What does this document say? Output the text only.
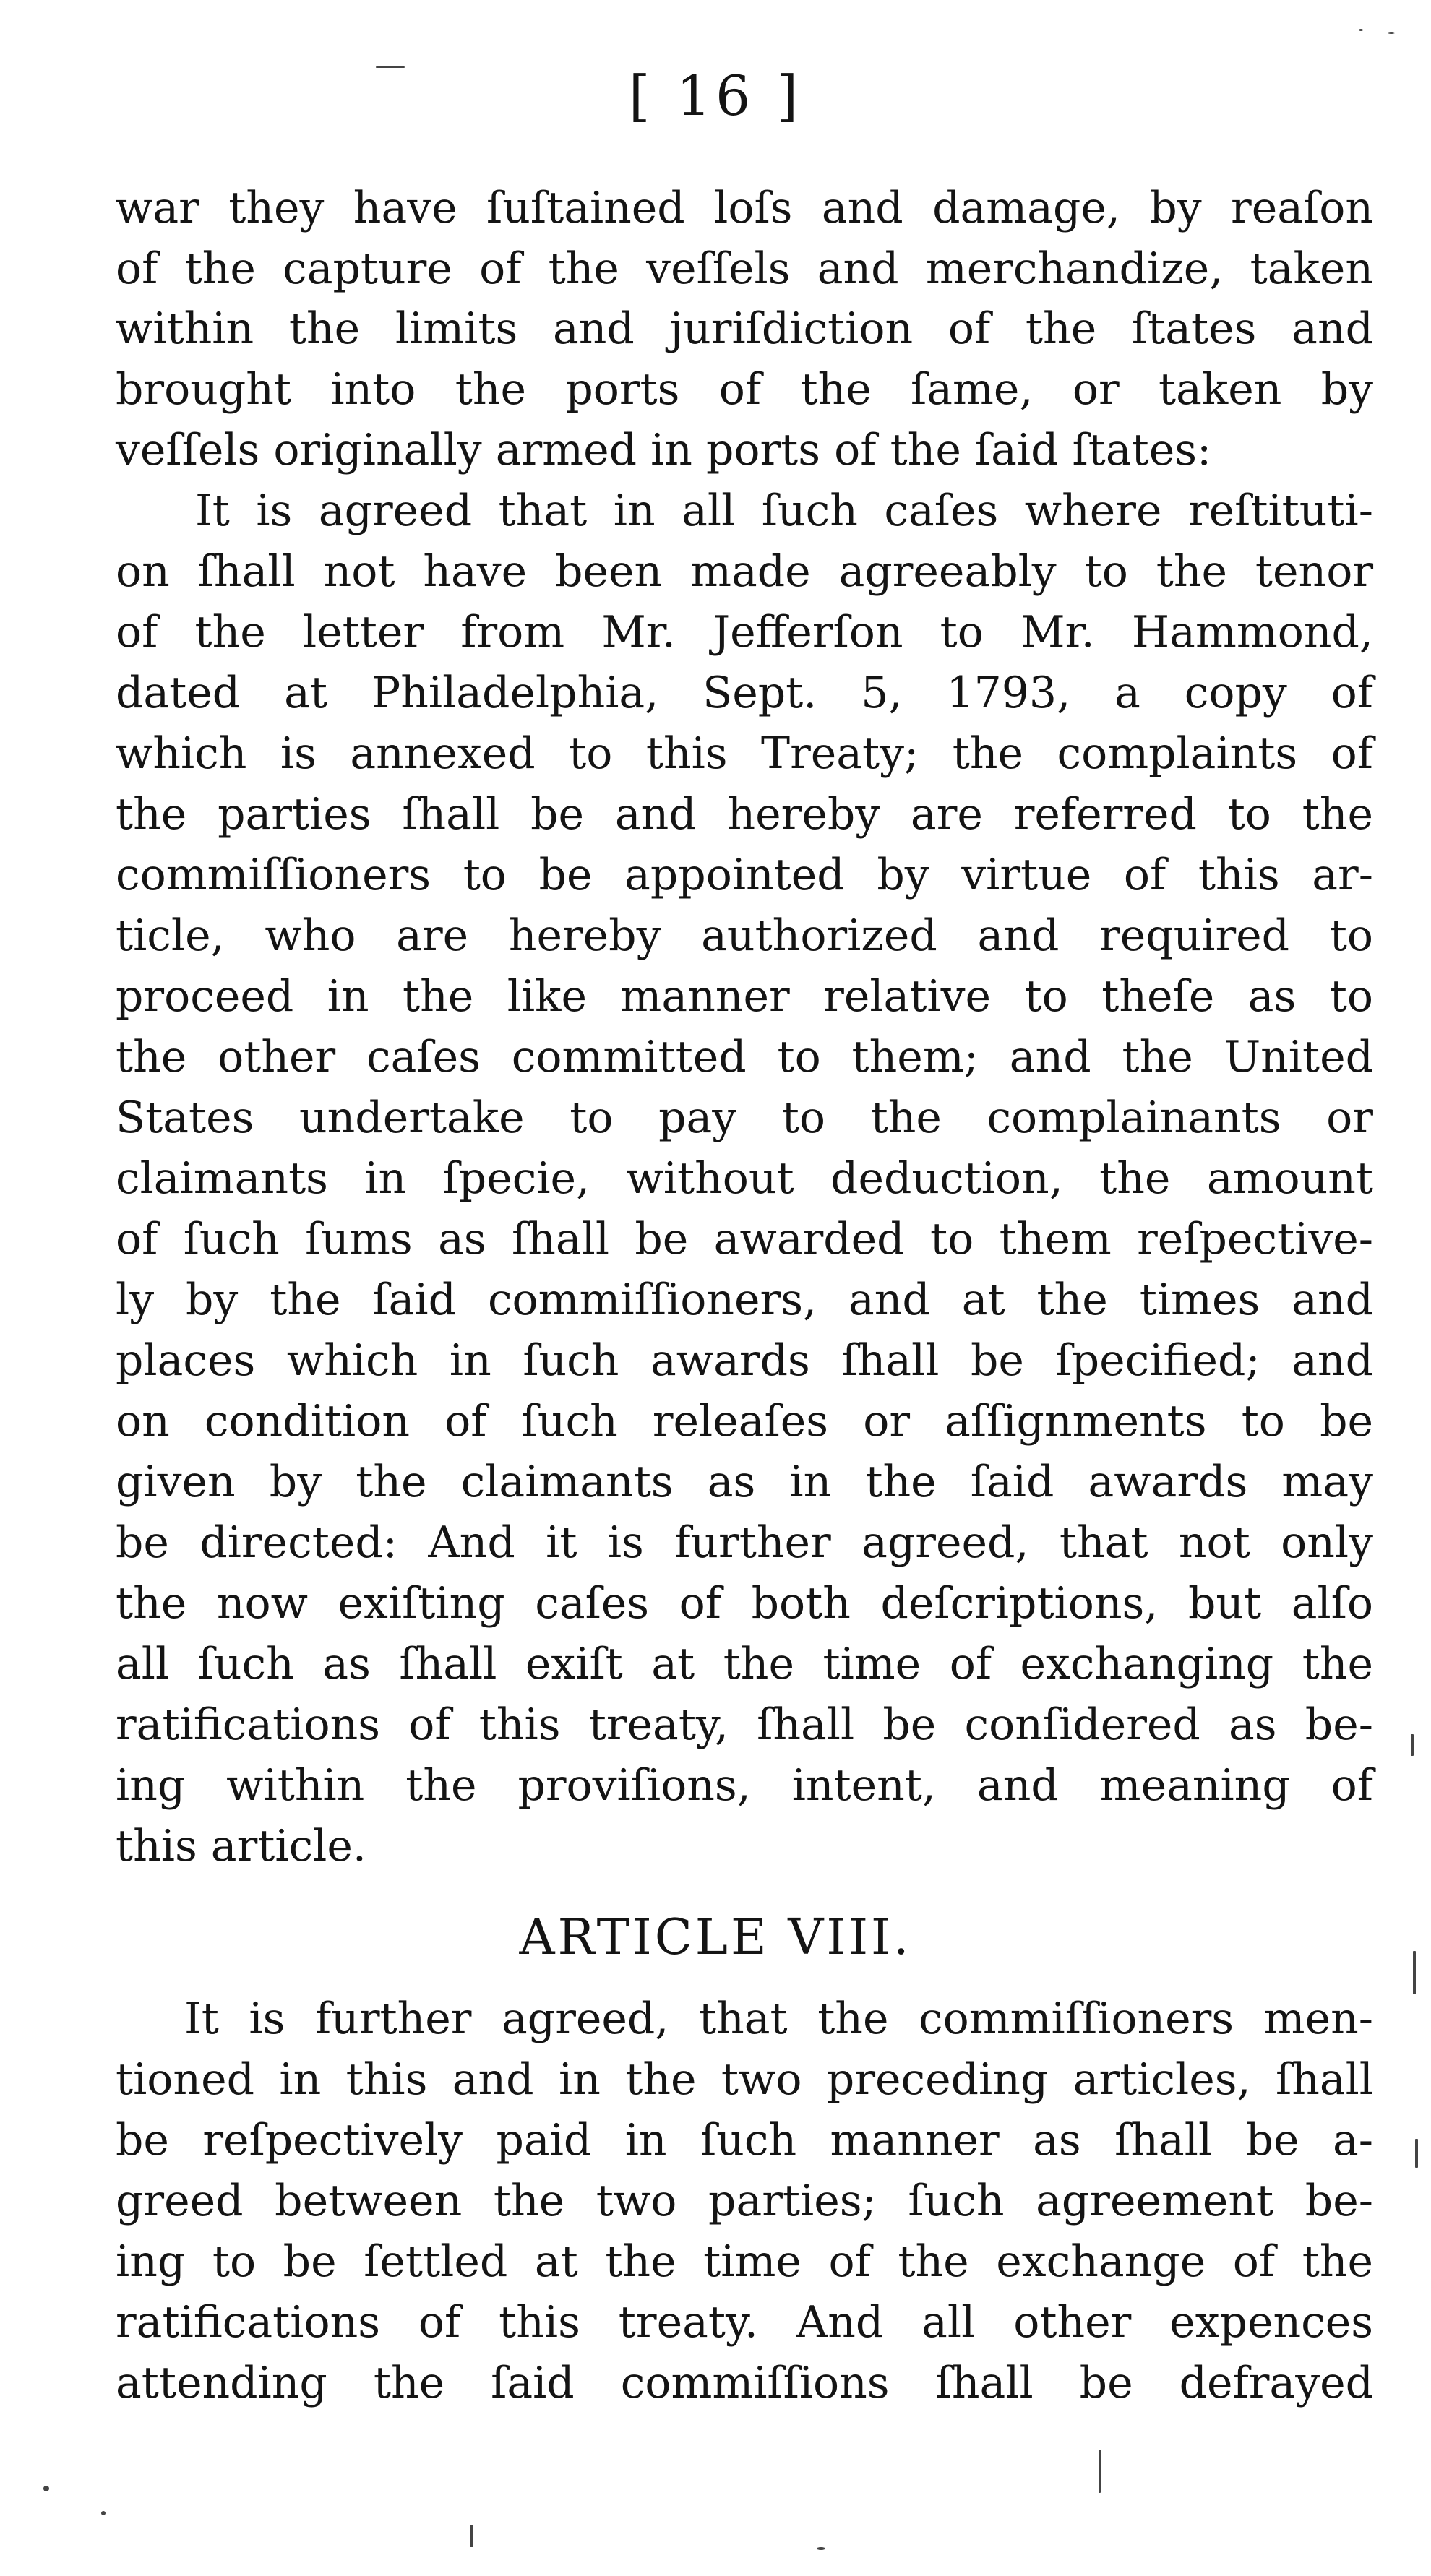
[ 16 ]
war they have ſuſtained loſs and damage, by reaſon
of the capture of the veſſels and merchandize, taken
within the limits and juriſdiction of the ſtates and
brought into the ports of the ſame, or taken by
veſſels originally armed in ports of the ſaid ſtates:
It is agreed that in all ſuch caſes where reſtituti-
on ſhall not have been made agreeably to the tenor
of the letter from Mr. Jefferſon to Mr. Hammond,
dated at Philadelphia, Sept. 5, 1793, a copy of
which is annexed to this Treaty; the complaints of
the parties ſhall be and hereby are referred to the
commiſſioners to be appointed by virtue of this ar-
ticle, who are hereby authorized and required to
proceed in the like manner relative to theſe as to
the other caſes committed to them; and the United
States undertake to pay to the complainants or
claimants in ſpecie, without deduction, the amount
of ſuch ſums as ſhall be awarded to them reſpective-
ly by the ſaid commiſſioners, and at the times and
places which in ſuch awards ſhall be ſpecified; and
on condition of ſuch releaſes or aſſignments to be
given by the claimants as in the ſaid awards may
be directed: And it is further agreed, that not only
the now exiſting caſes of both deſcriptions, but alſo
all ſuch as ſhall exiſt at the time of exchanging the
ratifications of this treaty, ſhall be conſidered as be-
ing within the proviſions, intent, and meaning of
this article.
ARTICLE VIII.
It is further agreed, that the commiſſioners men-
tioned in this and in the two preceding articles, ſhall
be reſpectively paid in ſuch manner as ſhall be a-
greed between the two parties; ſuch agreement be-
ing to be ſettled at the time of the exchange of the
ratifications of this treaty. And all other expences
attending the ſaid commiſſions ſhall be defrayed
